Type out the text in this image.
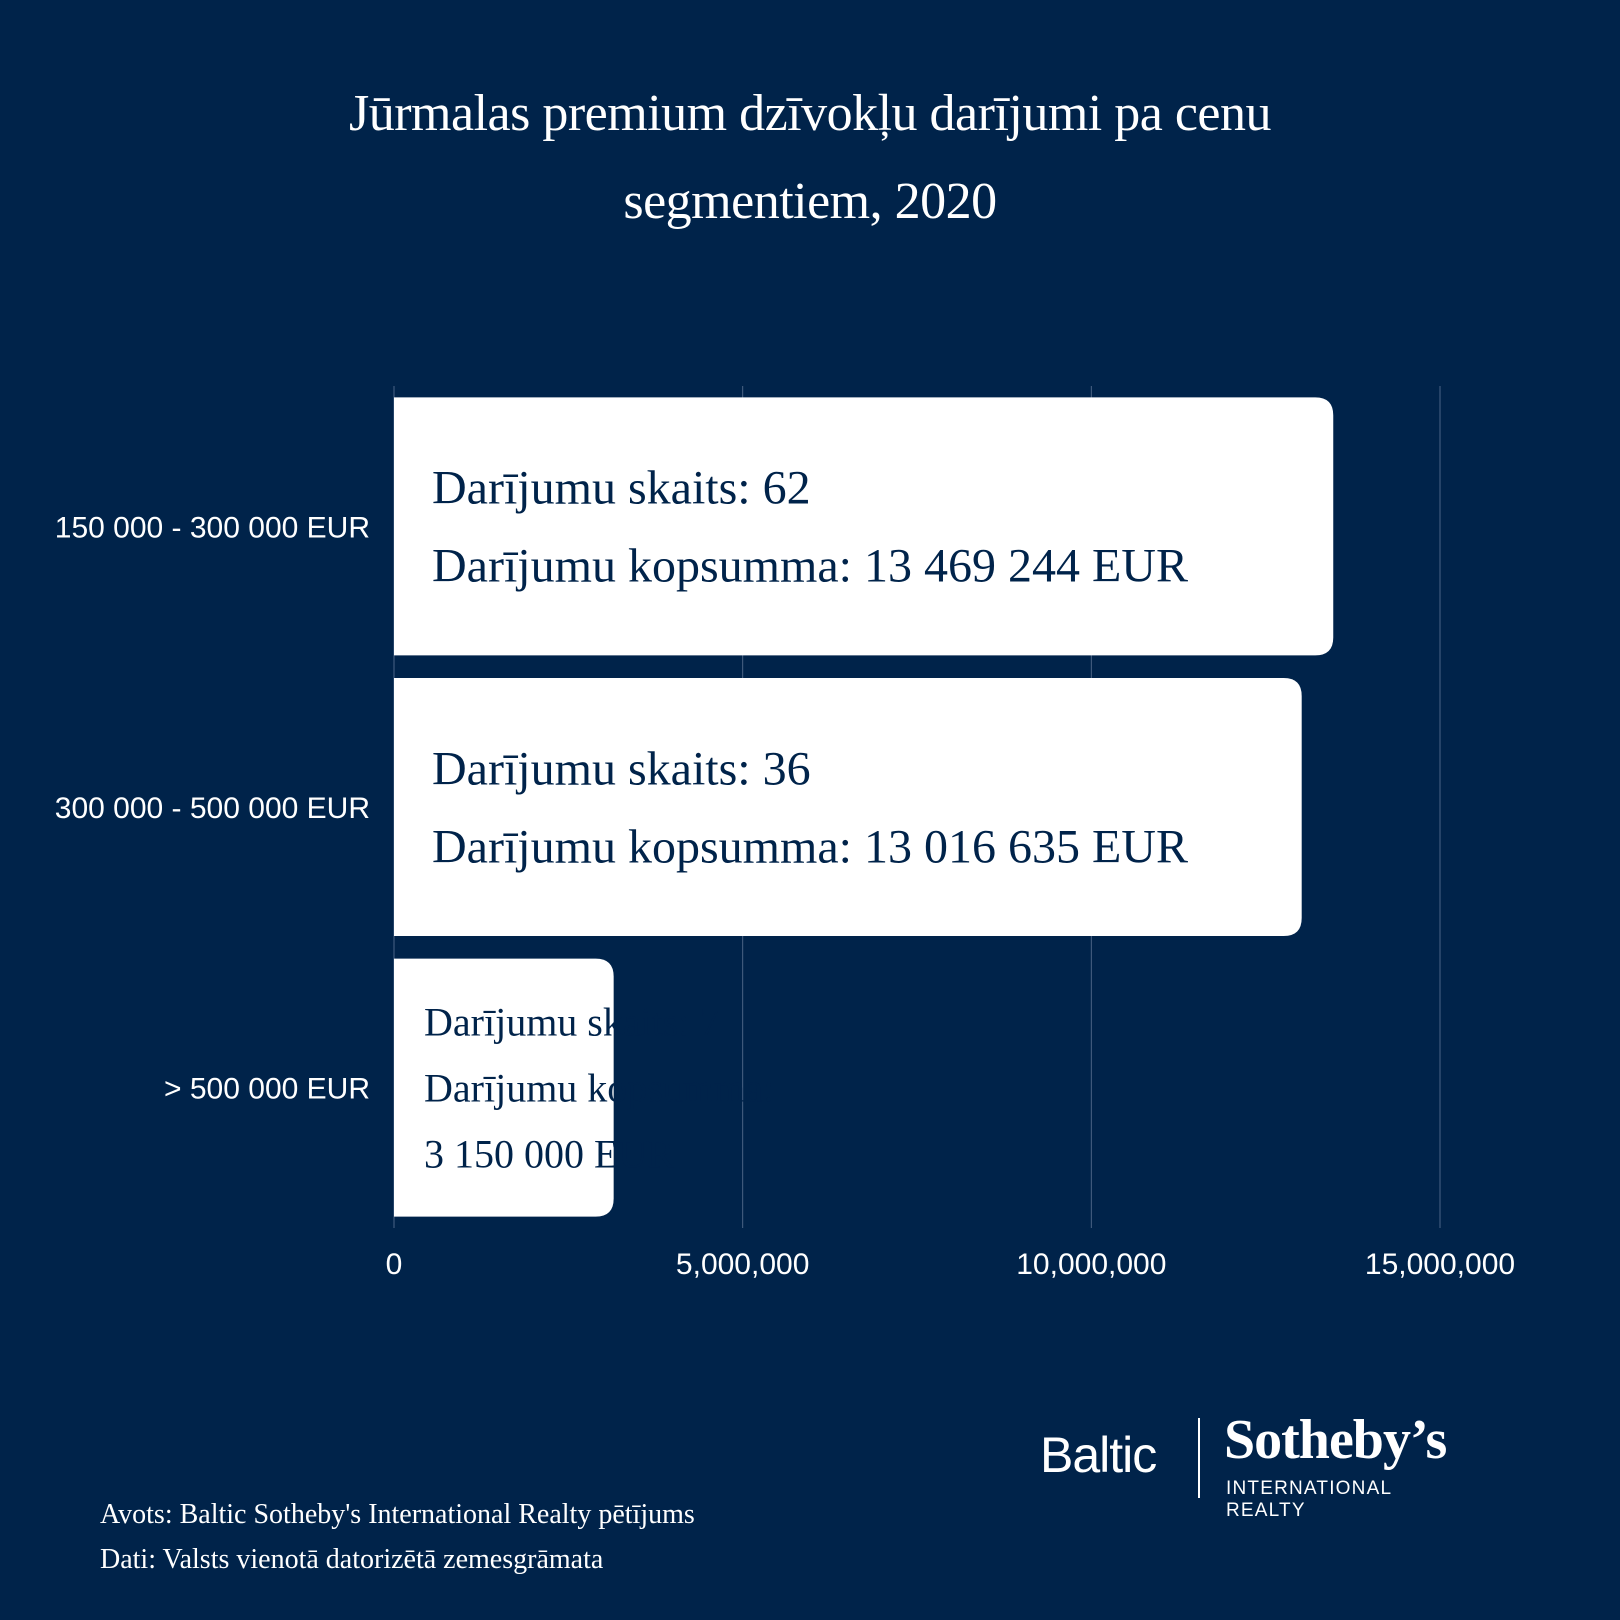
Jūrmalas premium dzīvokļu darījumi pa cenu segmentiem, 2020
150 000 - 300 000 EUR
Darījumu skaits: 62
Darījumu kopsumma: 13 469 244 EUR
300 000 - 500 000 EUR
Darījumu skaits: 36
Darījumu kopsumma: 13 016 635 EUR
> 500 000 EUR
Darījumu skaits: 7
Darījumu kopsumma:
3 150 000 EUR
0	5,000,000	10,000,000	15,000,000
Baltic Sotheby’s
INTERNATIONAL REALTY
Avots: Baltic Sotheby's International Realty pētījums
Dati: Valsts vienotā datorizētā zemesgrāmata
